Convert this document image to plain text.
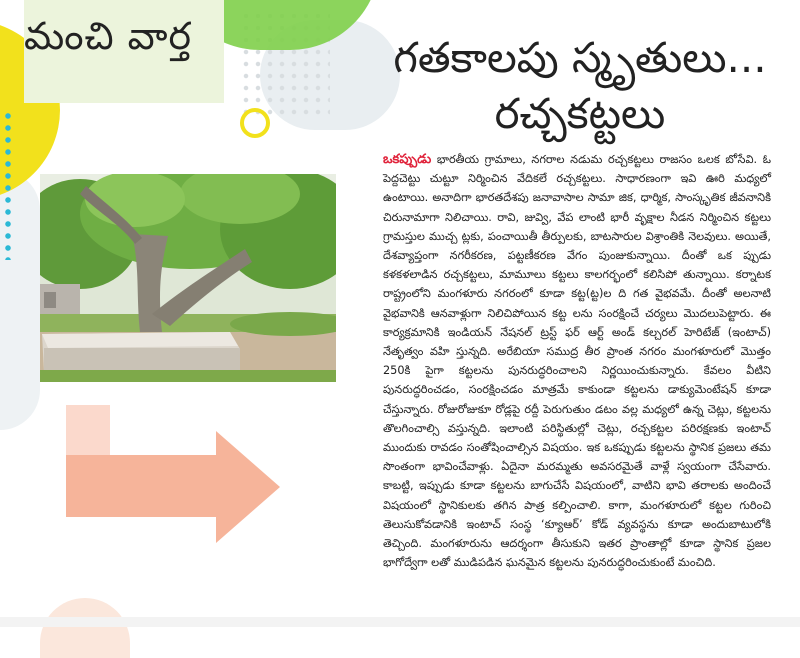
మంచి వార్త	గతకాలపు స్మృతులు...
రచ్చకట్టలు
ఒకప్పుడు భారతీయ గ్రామాలు, నగరాల నడుమ రచ్చకట్టలు రాజసం ఒలక బోసేవి. ఓ పెద్దచెట్టు చుట్టూ నిర్మించిన వేదికలే రచ్చకట్టలు. సాధారణంగా ఇవి ఊరి మధ్యలో ఉంటాయి. అనాదిగా భారతదేశపు జనావాసాల సామా జిక, ధార్మిక, సాంస్కృతిక జీవనానికి చిరునామాగా నిలిచాయి. రావి, జువ్వి, వేప లాంటి భారీ వృక్షాల నీడన నిర్మించిన కట్టలు గ్రామస్తుల ముచ్చ ట్లకు, పంచాయితీ తీర్పులకు, బాటసారుల విశ్రాంతికి నెలవులు. అయితే, దేశవ్యాప్తంగా నగరీకరణ, పట్టణీకరణ వేగం పుంజుకున్నాయి. దీంతో ఒక ప్పుడు కళకళలాడిన రచ్చకట్టలు, మామూలు కట్టలు కాలగర్భంలో కలిసిపో తున్నాయి. కర్నాటక రాష్ట్రంలోని మంగళూరు నగరంలో కూడా కట్ట(ట్ట)ల ది గత వైభవమే. దీంతో అలనాటి వైభవానికి ఆనవాళ్లుగా నిలిచిపోయిన కట్ట లను సంరక్షించే చర్యలు మొదలుపెట్టారు. ఈ కార్యక్రమానికి ఇండియన్ నేషనల్ ట్రస్ట్ ఫర్ ఆర్ట్ అండ్ కల్చరల్ హెరిటేజ్ (ఇంటాచ్) నేతృత్వం వహి స్తున్నది. అరేబియా సముద్ర తీర ప్రాంత నగరం మంగళూరులో మొత్తం 250కి పైగా కట్టలను పునరుద్ధరించాలని నిర్ణయించుకున్నారు. కేవలం వీటిని పునరుద్ధరించడం, సంరక్షించడం మాత్రమే కాకుండా కట్టలను డాక్యుమెంటేషన్ కూడా చేస్తున్నారు. రోజురోజుకూ రోడ్లపై రద్దీ పెరుగుతుం డటం వల్ల మధ్యలో ఉన్న చెట్లు, కట్టలను తొలగించాల్సి వస్తున్నది. ఇలాంటి పరిస్థితుల్లో చెట్లు, రచ్చకట్టల పరిరక్షణకు ఇంటాచ్ ముందుకు రావడం సంతోషించాల్సిన విషయం. ఇక ఒకప్పుడు కట్టలను స్థానిక ప్రజలు తమ సొంతంగా భావించేవాళ్లు. ఏదైనా మరమ్మతు అవసరమైతే వాళ్లే స్వయంగా చేసేవారు. కాబట్టి, ఇప్పుడు కూడా కట్టలను బాగుచేసే విషయంలో, వాటిని భావి తరాలకు అందించే విషయంలో స్థానికులకు తగిన పాత్ర కల్పించాలి. కాగా, మంగళూరులో కట్టల గురించి తెలుసుకోవడానికి ఇంటాచ్ సంస్థ ‘క్యూఆర్’ కోడ్ వ్యవస్థను కూడా అందుబాటులోకి తెచ్చింది. మంగళూరును ఆదర్శంగా తీసుకుని ఇతర ప్రాంతాల్లో కూడా స్థానిక ప్రజల భాగోద్వేగా లతో ముడిపడిన ఘనమైన కట్టలను పునరుద్ధరించుకుంటే మంచిది.
